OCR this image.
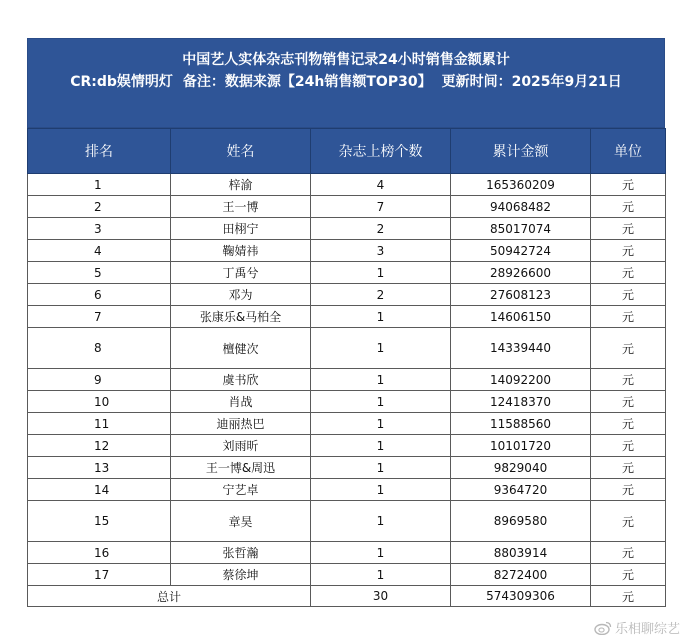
中国艺人实体杂志刊物销售记录24小时销售金额累计
CR:db娱情明灯 备注：数据来源【24h销售额TOP30】 更新时间：2025年9月21日
排名	姓名	杂志上榜个数	累计金额	单位
1	梓渝	4	165360209	元
2	王一博	7	94068482	元
3	田栩宁	2	85017074	元
4	鞠婧祎	3	50942724	元
5	丁禹兮	1	28926600	元
6	邓为	2	27608123	元
7	张康乐&马柏全	1	14606150	元
8	檀健次	1	14339440	元
9	虞书欣	1	14092200	元
10	肖战	1	12418370	元
11	迪丽热巴	1	11588560	元
12	刘雨昕	1	10101720	元
13	王一博&周迅	1	9829040	元
14	宁艺卓	1	9364720	元
15	章昊	1	8969580	元
16	张哲瀚	1	8803914	元
17	蔡徐坤	1	8272400	元
总计		30	574309306	元
乐相聊综艺
